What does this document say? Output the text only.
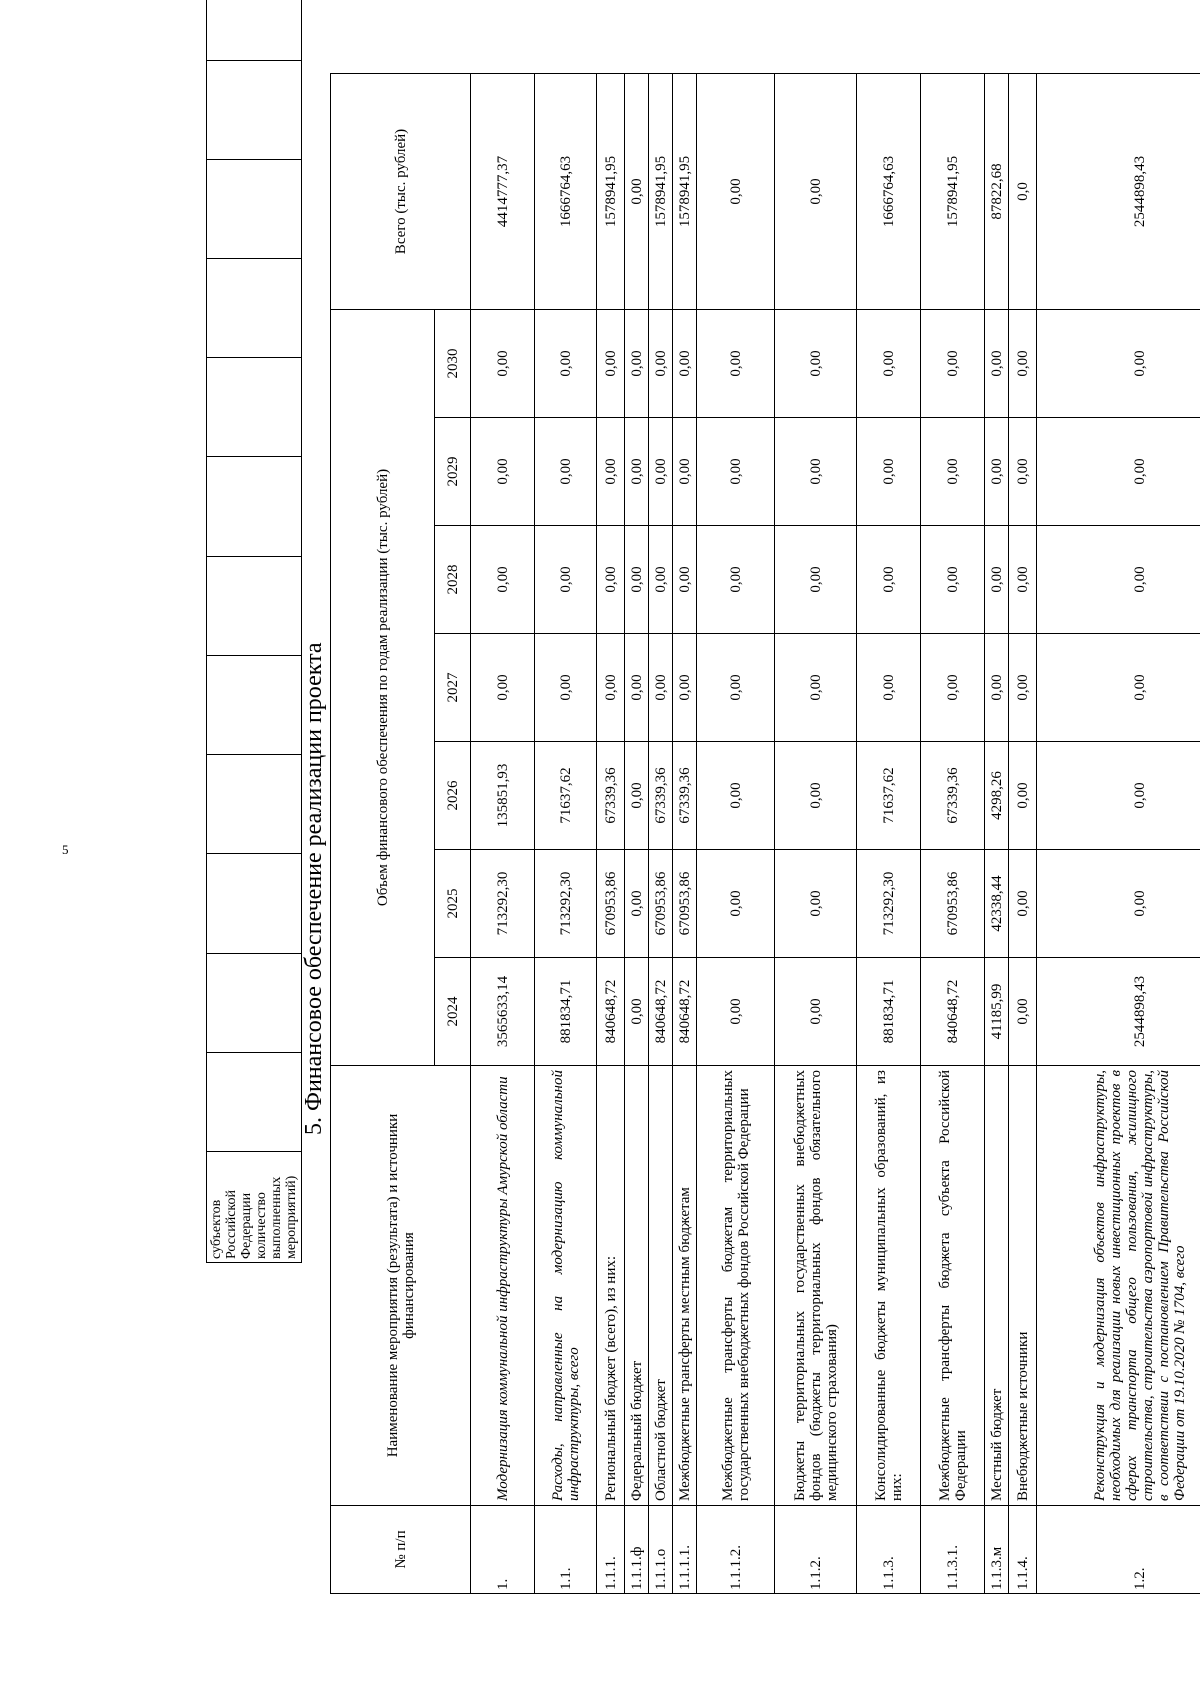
5
субъектов Российской Федерации количество выполненных мероприятий)

5. Финансовое обеспечение реализации проекта
№ п/п	Наименование мероприятия (результата) и источники финансирования	Объем финансового обеспечения по годам реализации (тыс. рублей)							Всего (тыс. рублей)
		2024	2025	2026	2027	2028	2029	2030	
1.	Модернизация коммунальной инфраструктуры Амурской области	3565633,14	713292,30	135851,93	0,00	0,00	0,00	0,00	4414777,37
1.1.	Расходы, направленные на модернизацию коммунальной инфраструктуры, всего	881834,71	713292,30	71637,62	0,00	0,00	0,00	0,00	1666764,63
1.1.1.	Региональный бюджет (всего), из них:	840648,72	670953,86	67339,36	0,00	0,00	0,00	0,00	1578941,95
1.1.1.ф	Федеральный бюджет	0,00	0,00	0,00	0,00	0,00	0,00	0,00	0,00
1.1.1.о	Областной бюджет	840648,72	670953,86	67339,36	0,00	0,00	0,00	0,00	1578941,95
1.1.1.1.	Межбюджетные трансферты местным бюджетам	840648,72	670953,86	67339,36	0,00	0,00	0,00	0,00	1578941,95
1.1.1.2.	Межбюджетные трансферты бюджетам территориальных государственных внебюджетных фондов Российской Федерации	0,00	0,00	0,00	0,00	0,00	0,00	0,00	0,00
1.1.2.	Бюджеты территориальных государственных внебюджетных фондов (бюджеты территориальных фондов обязательного медицинского страхования)	0,00	0,00	0,00	0,00	0,00	0,00	0,00	0,00
1.1.3.	Консолидированные бюджеты муниципальных образований, из них:	881834,71	713292,30	71637,62	0,00	0,00	0,00	0,00	1666764,63
1.1.3.1.	Межбюджетные трансферты бюджета субъекта Российской Федерации	840648,72	670953,86	67339,36	0,00	0,00	0,00	0,00	1578941,95
1.1.3.м	Местный бюджет	41185,99	42338,44	4298,26	0,00	0,00	0,00	0,00	87822,68
1.1.4.	Внебюджетные источники	0,00	0,00	0,00	0,00	0,00	0,00	0,00	0,0
1.2.	Реконструкция и модернизация объектов инфраструктуры, необходимых для реализации новых инвестиционных проектов в сферах транспорта общего пользования, жилищного строительства, строительства аэропортовой инфраструктуры, в соответствии с постановлением Правительства Российской Федерации от 19.10.2020 № 1704, всего	2544898,43	0,00	0,00	0,00	0,00	0,00	0,00	2544898,43
